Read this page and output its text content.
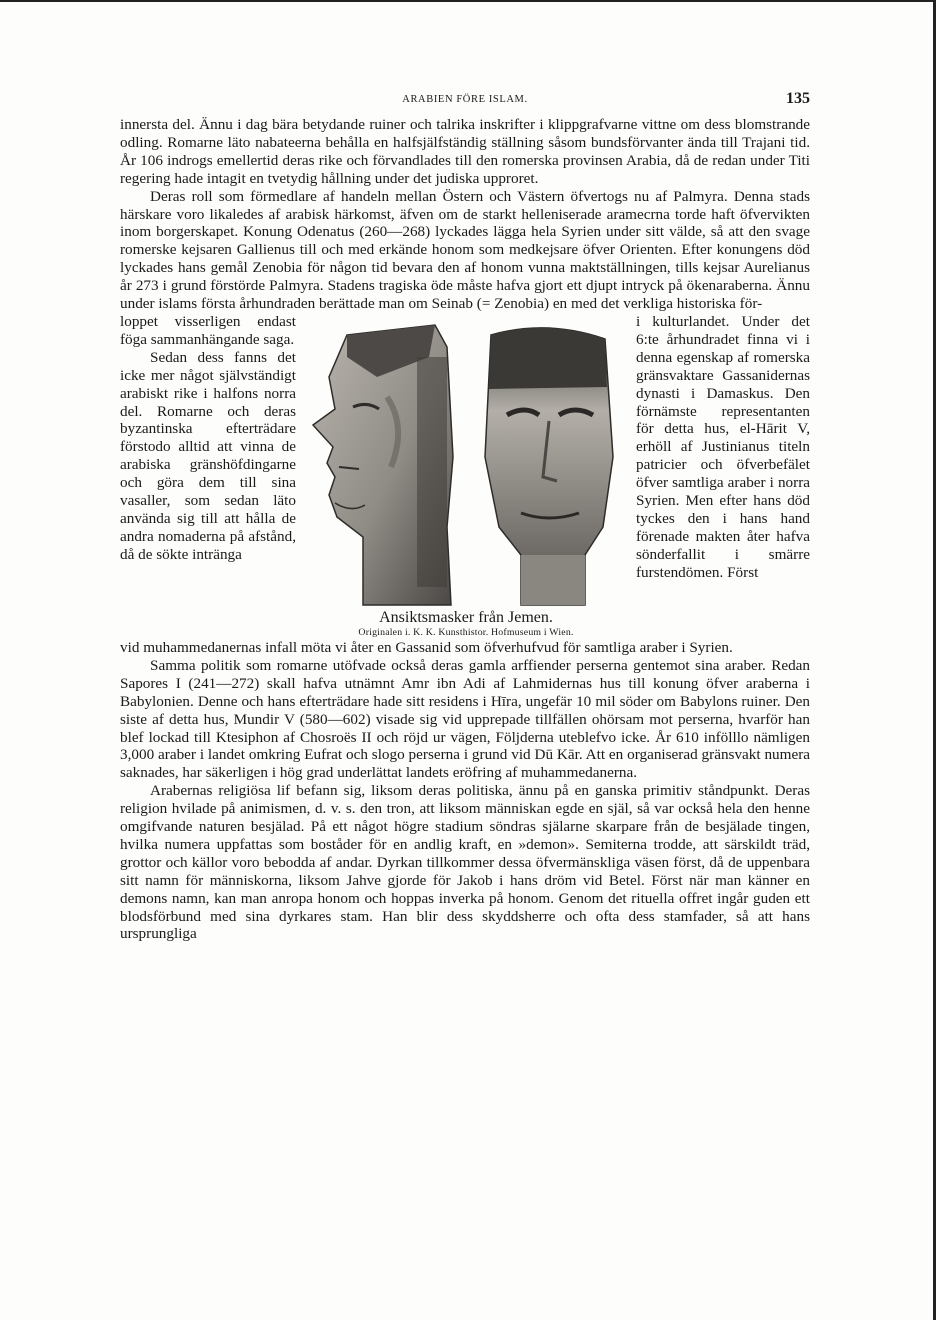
ARABIEN FÖRE ISLAM.	135

innersta del. Ännu i dag bära betydande ruiner och talrika inskrifter i klippgrafvarne vittne om dess blomstrande odling. Romarne läto nabateerna behålla en halfsjälfständig ställning såsom bundsförvanter ända till Trajani tid. År 106 indrogs emellertid deras rike och förvandlades till den romerska provinsen Arabia, då de redan under Titi regering hade intagit en tvetydig hållning under det judiska upproret.

Deras roll som förmedlare af handeln mellan Östern och Västern öfvertogs nu af Palmyra. Denna stads härskare voro likaledes af arabisk härkomst, äfven om de starkt helleniserade aramecrna torde haft öfvervikten inom borgerskapet. Konung Odenatus (260—268) lyckades lägga hela Syrien under sitt välde, så att den svage romerske kejsaren Gallienus till och med erkände honom som medkejsare öfver Orienten. Efter konungens död lyckades hans gemål Zenobia för någon tid bevara den af honom vunna maktställningen, tills kejsar Aurelianus år 273 i grund förstörde Palmyra. Stadens tragiska öde måste hafva gjort ett djupt intryck på ökenaraberna. Ännu under islams första århundraden berättade man om Seinab (= Zenobia) en med det verkliga historiska för-

loppet visserligen endast föga sammanhängande saga.

Sedan dess fanns det icke mer något självständigt arabiskt rike i halfons norra del. Romarne och deras byzantinska efterträdare förstodo alltid att vinna de arabiska gränshöfdingarne och göra dem till sina vasaller, som sedan läto använda sig till att hålla de andra nomaderna på afstånd, då de sökte intränga

Ansiktsmasker från Jemen.
Originalen i. K. K. Kunsthistor. Hofmuseum i Wien.

i kulturlandet. Under det 6:te århundradet finna vi i denna egenskap af romerska gränsvaktare Gassanidernas dynasti i Damaskus. Den förnämste representanten för detta hus, el-Hārit V, erhöll af Justinianus titeln patricier och öfverbefälet öfver samtliga araber i norra Syrien. Men efter hans död tyckes den i hans hand förenade makten åter hafva sönderfallit i smärre furstendömen. Först

vid muhammedanernas infall möta vi åter en Gassanid som öfverhufvud för samtliga araber i Syrien.

Samma politik som romarne utöfvade också deras gamla arffiender perserna gentemot sina araber. Redan Sapores I (241—272) skall hafva utnämnt Amr ibn Adi af Lahmidernas hus till konung öfver araberna i Babylonien. Denne och hans efterträdare hade sitt residens i Hīra, ungefär 10 mil söder om Babylons ruiner. Den siste af detta hus, Mundir V (580—602) visade sig vid upprepade tillfällen ohörsam mot perserna, hvarför han blef lockad till Ktesiphon af Chosroës II och röjd ur vägen, Följderna uteblefvo icke. År 610 infölllo nämligen 3,000 araber i landet omkring Eufrat och slogo perserna i grund vid Dū Kār. Att en organiserad gränsvakt numera saknades, har säkerligen i hög grad underlättat landets eröfring af muhammedanerna.

Arabernas religiösa lif befann sig, liksom deras politiska, ännu på en ganska primitiv ståndpunkt. Deras religion hvilade på animismen, d. v. s. den tron, att liksom människan egde en själ, så var också hela den henne omgifvande naturen besjälad. På ett något högre stadium söndras själarne skarpare från de besjälade tingen, hvilka numera uppfattas som boståder för en andlig kraft, en »demon». Semiterna trodde, att särskildt träd, grottor och källor voro bebodda af andar. Dyrkan tillkommer dessa öfvermänskliga väsen först, då de uppenbara sitt namn för människorna, liksom Jahve gjorde för Jakob i hans dröm vid Betel. Först när man känner en demons namn, kan man anropa honom och hoppas inverka på honom. Genom det rituella offret ingår guden ett blodsförbund med sina dyrkares stam. Han blir dess skyddsherre och ofta dess stamfader, så att hans ursprungliga
